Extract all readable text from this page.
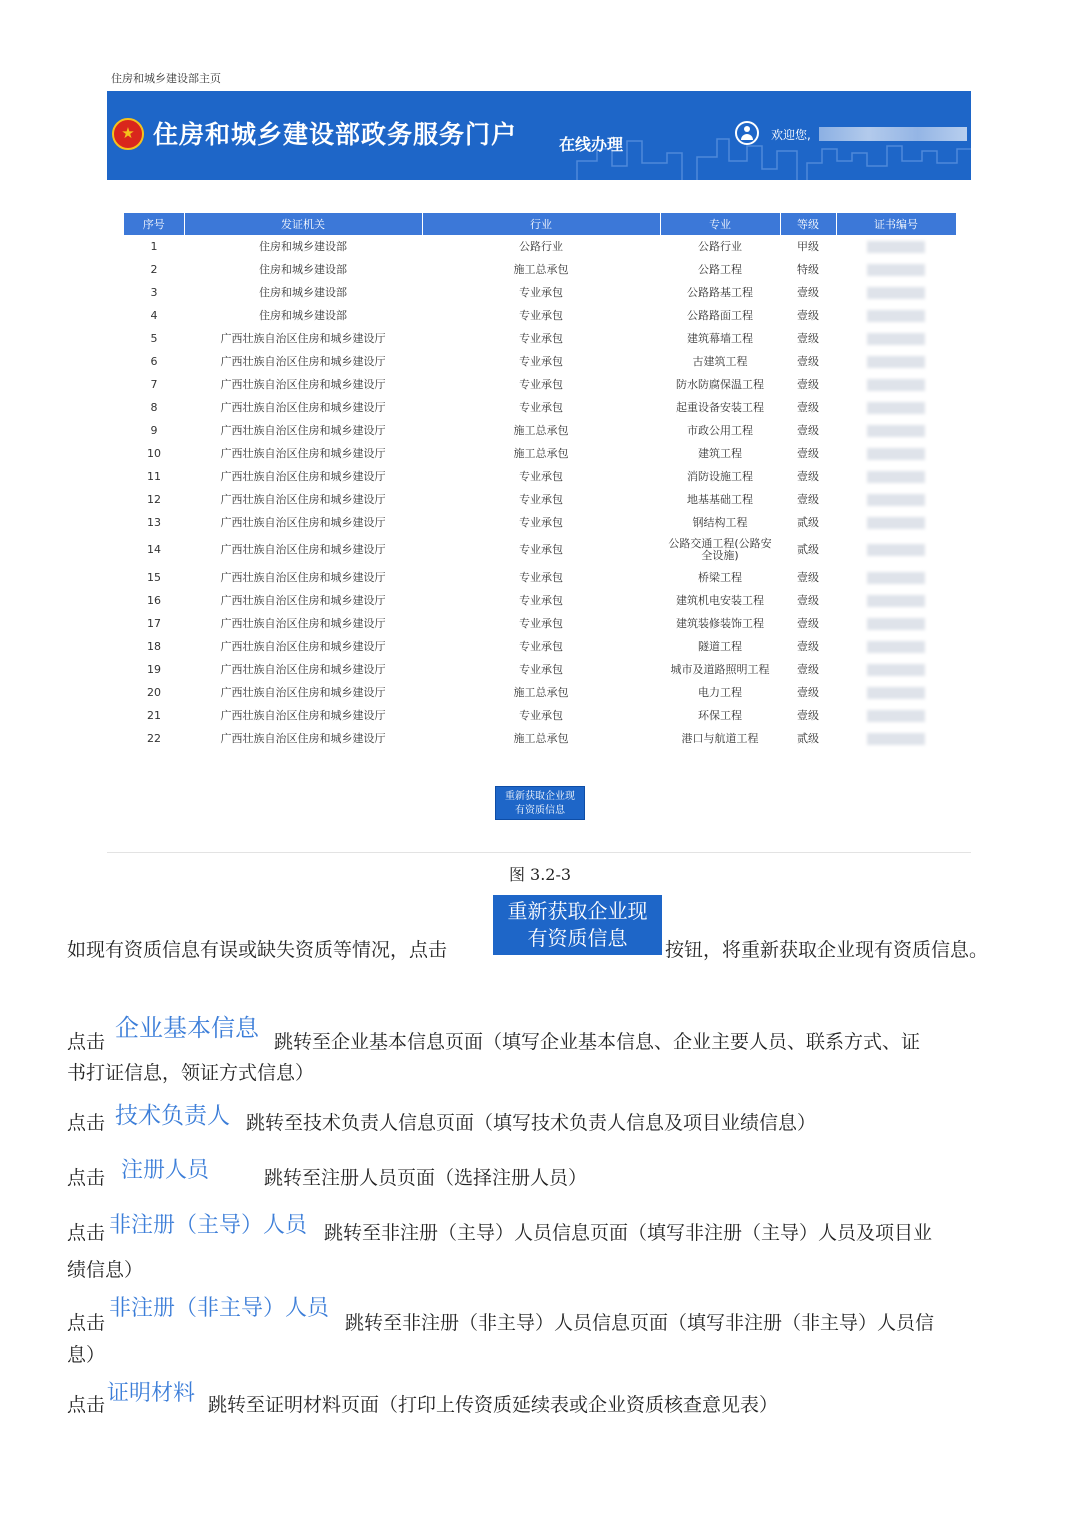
住房和城乡建设部主页
★
住房和城乡建设部政务服务门户	在线办理	欢迎您,
序号	发证机关	行业	专业	等级	证书编号
1	住房和城乡建设部	公路行业	公路行业	甲级	
2	住房和城乡建设部	施工总承包	公路工程	特级	
3	住房和城乡建设部	专业承包	公路路基工程	壹级	
4	住房和城乡建设部	专业承包	公路路面工程	壹级	
5	广西壮族自治区住房和城乡建设厅	专业承包	建筑幕墙工程	壹级	
6	广西壮族自治区住房和城乡建设厅	专业承包	古建筑工程	壹级	
7	广西壮族自治区住房和城乡建设厅	专业承包	防水防腐保温工程	壹级	
8	广西壮族自治区住房和城乡建设厅	专业承包	起重设备安装工程	壹级	
9	广西壮族自治区住房和城乡建设厅	施工总承包	市政公用工程	壹级	
10	广西壮族自治区住房和城乡建设厅	施工总承包	建筑工程	壹级	
11	广西壮族自治区住房和城乡建设厅	专业承包	消防设施工程	壹级	
12	广西壮族自治区住房和城乡建设厅	专业承包	地基基础工程	壹级	
13	广西壮族自治区住房和城乡建设厅	专业承包	钢结构工程	贰级	
14	广西壮族自治区住房和城乡建设厅	专业承包	公路交通工程(公路安全设施)	贰级	
15	广西壮族自治区住房和城乡建设厅	专业承包	桥梁工程	壹级	
16	广西壮族自治区住房和城乡建设厅	专业承包	建筑机电安装工程	壹级	
17	广西壮族自治区住房和城乡建设厅	专业承包	建筑装修装饰工程	壹级	
18	广西壮族自治区住房和城乡建设厅	专业承包	隧道工程	壹级	
19	广西壮族自治区住房和城乡建设厅	专业承包	城市及道路照明工程	壹级	
20	广西壮族自治区住房和城乡建设厅	施工总承包	电力工程	壹级	
21	广西壮族自治区住房和城乡建设厅	专业承包	环保工程	壹级	
22	广西壮族自治区住房和城乡建设厅	施工总承包	港口与航道工程	贰级	
重新获取企业现
有资质信息
图 3.2-3
如现有资质信息有误或缺失资质等情况，点击
重新获取企业现
有资质信息	按钮，将重新获取企业现有资质信息。
点击 企业基本信息 跳转至企业基本信息页面（填写企业基本信息、企业主要人员、联系方式、证
书打证信息，领证方式信息）
点击 技术负责人 跳转至技术负责人信息页面（填写技术负责人信息及项目业绩信息）
点击 注册人员	跳转至注册人员页面（选择注册人员）
点击 非注册（主导）人员 跳转至非注册（主导）人员信息页面（填写非注册（主导）人员及项目业
绩信息）
点击
非注册（非主导）人员
跳转至非注册（非主导）人员信息页面（填写非注册（非主导）人员信
息）
点击 证明材料 跳转至证明材料页面（打印上传资质延续表或企业资质核查意见表）
